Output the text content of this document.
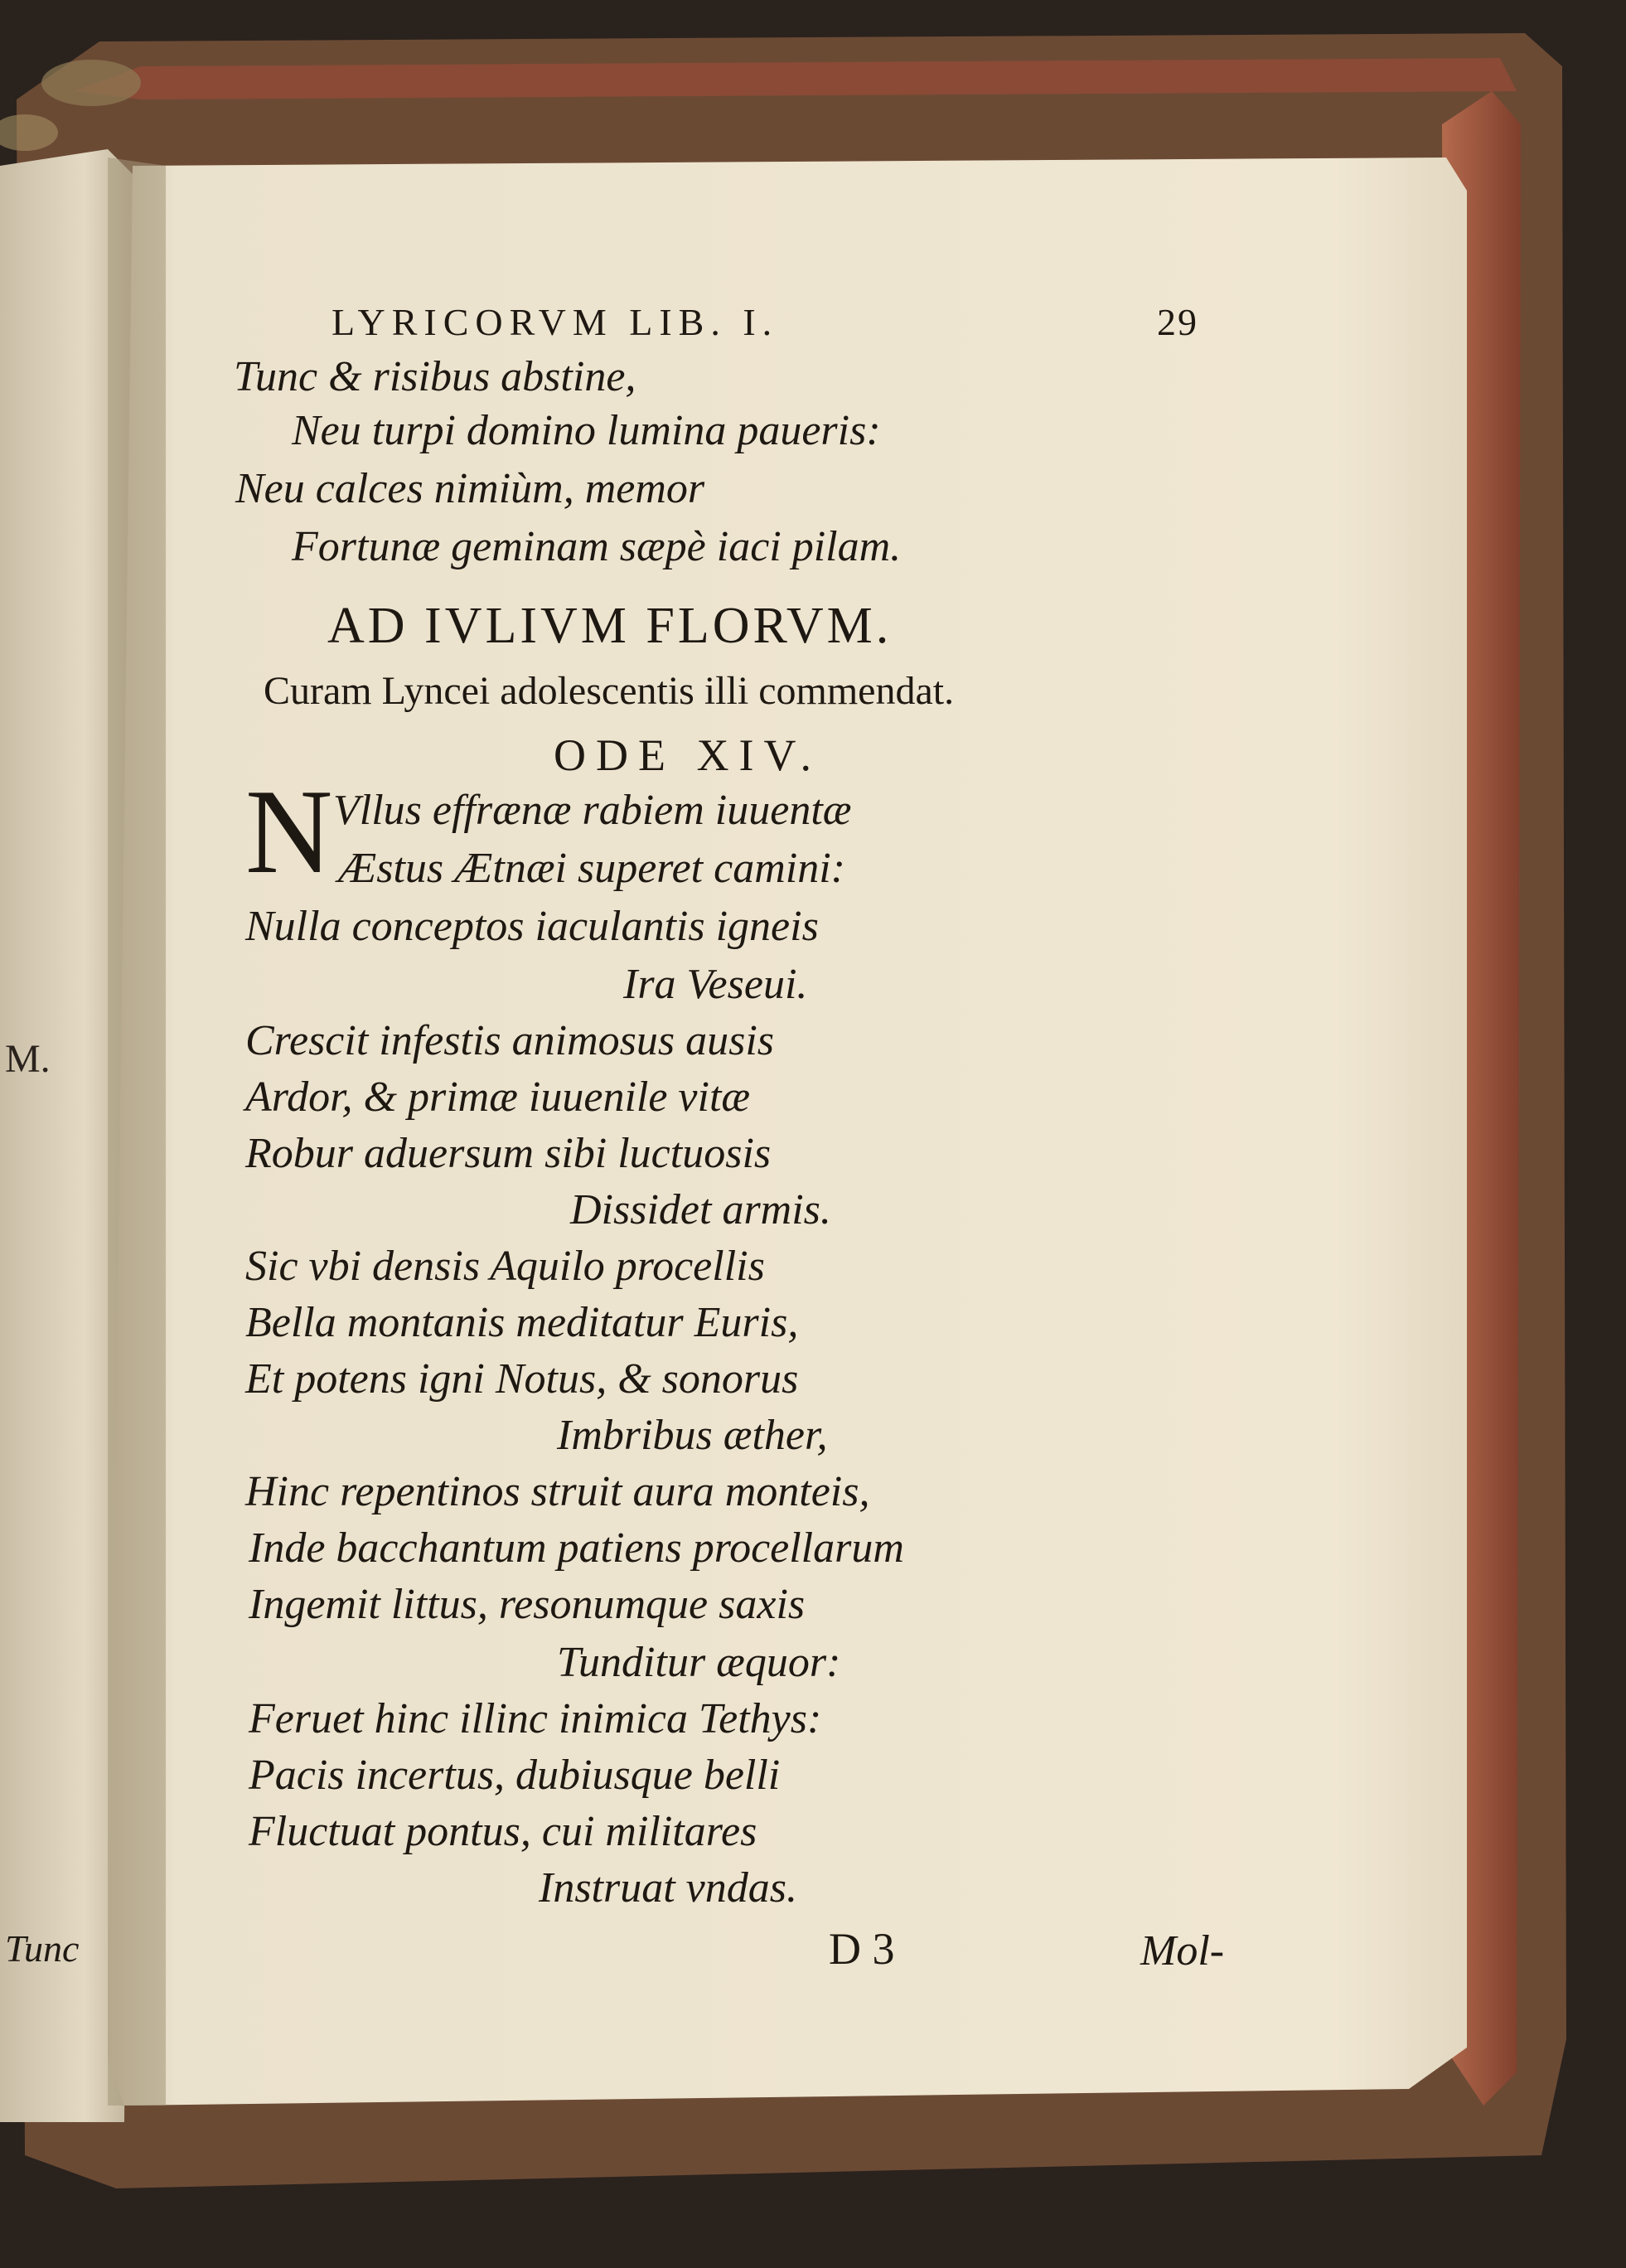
LYRICORVM LIB. I.	29
Tunc & risibus abstine,
Neu turpi domino lumina paueris:
Neu calces nimiùm, memor
Fortunæ geminam sæpè iaci pilam.
AD IVLIVM FLORVM.
Curam Lyncei adolescentis illi commendat.
ODE XIV.
N Vllus effrænæ rabiem iuuentæ
Æstus Ætnæi superet camini:
Nulla conceptos iaculantis igneis
Ira Vesеui.
Crescit infestis animosus ausis
Ardor, & primæ iuuenile vitæ
Robur aduersum sibi luctuosis
Dissidet armis.
Sic vbi densis Aquilo procellis
Bella montanis meditatur Euris,
Et potens igni Notus, & sonorus
Imbribus æther,
Hinc repentinos struit aura monteis,
Inde bacchantum patiens procellarum
Ingemit littus, resonumque saxis
Tunditur æquor:
Feruet hinc illinc inimica Tethys:
Pacis incertus, dubiusque belli
Fluctuat pontus, cui militares
Instruat vndas.
D 3	Mol-
M.
Tunc
